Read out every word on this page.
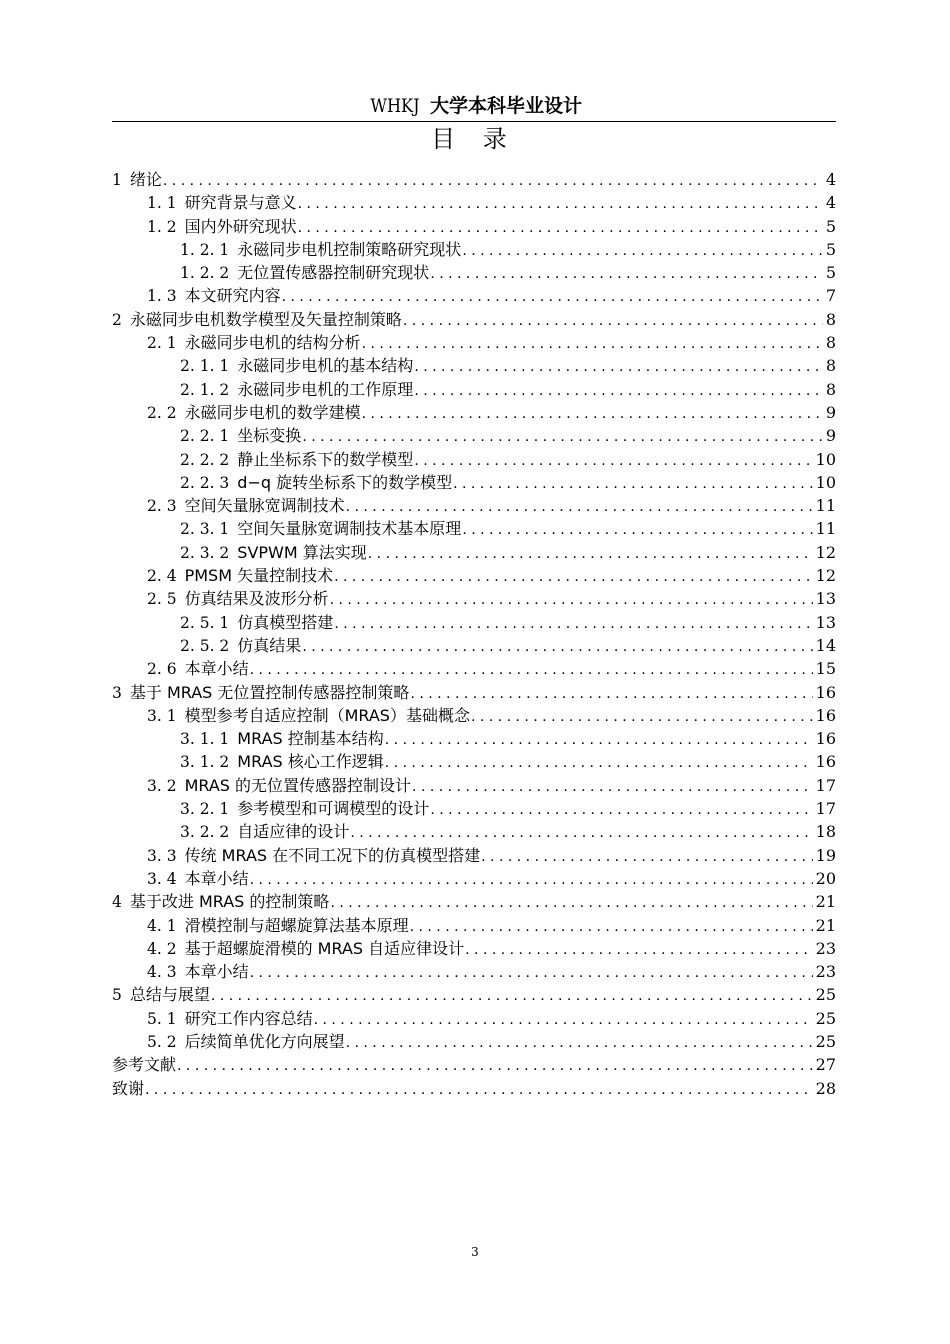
WHKJ 大学本科毕业设计
目 录
1 绪论 . . .	4
1. 1 研究背景与意义 . . .	4
1. 2 国内外研究现状 . . .	5
1. 2. 1 永磁同步电机控制策略研究现状 . . .	5
1. 2. 2 无位置传感器控制研究现状 . . .	5
1. 3 本文研究内容 . . .	7
2 永磁同步电机数学模型及矢量控制策略 . . .	8
2. 1 永磁同步电机的结构分析 . . .	8
2. 1. 1 永磁同步电机的基本结构 . . .	8
2. 1. 2 永磁同步电机的工作原理 . . .	8
2. 2 永磁同步电机的数学建模 . . .	9
2. 2. 1 坐标变换 . . .	9
2. 2. 2 静止坐标系下的数学模型 . . .	10
2. 2. 3 d−q 旋转坐标系下的数学模型 . . .	10
2. 3 空间矢量脉宽调制技术 . . .	11
2. 3. 1 空间矢量脉宽调制技术基本原理 . . .	11
2. 3. 2 SVPWM 算法实现 . . .	12
2. 4 PMSM 矢量控制技术 . . .	12
2. 5 仿真结果及波形分析 . . .	13
2. 5. 1 仿真模型搭建 . . .	13
2. 5. 2 仿真结果 . . .	14
2. 6 本章小结 . . .	15
3 基于 MRAS 无位置控制传感器控制策略 . . .	16
3. 1 模型参考自适应控制（MRAS）基础概念 . . .	16
3. 1. 1 MRAS 控制基本结构 . . .	16
3. 1. 2 MRAS 核心工作逻辑 . . .	16
3. 2 MRAS 的无位置传感器控制设计 . . .	17
3. 2. 1 参考模型和可调模型的设计 . . .	17
3. 2. 2 自适应律的设计 . . .	18
3. 3 传统 MRAS 在不同工况下的仿真模型搭建 . . .	19
3. 4 本章小结 . . .	20
4 基于改进 MRAS 的控制策略 . . .	21
4. 1 滑模控制与超螺旋算法基本原理 . . .	21
4. 2 基于超螺旋滑模的 MRAS 自适应律设计 . . .	23
4. 3 本章小结 . . .	23
5 总结与展望 . . .	25
5. 1 研究工作内容总结 . . .	25
5. 2 后续简单优化方向展望 . . .	25
参考文献 . . .	27
致谢 . . .	28
3
